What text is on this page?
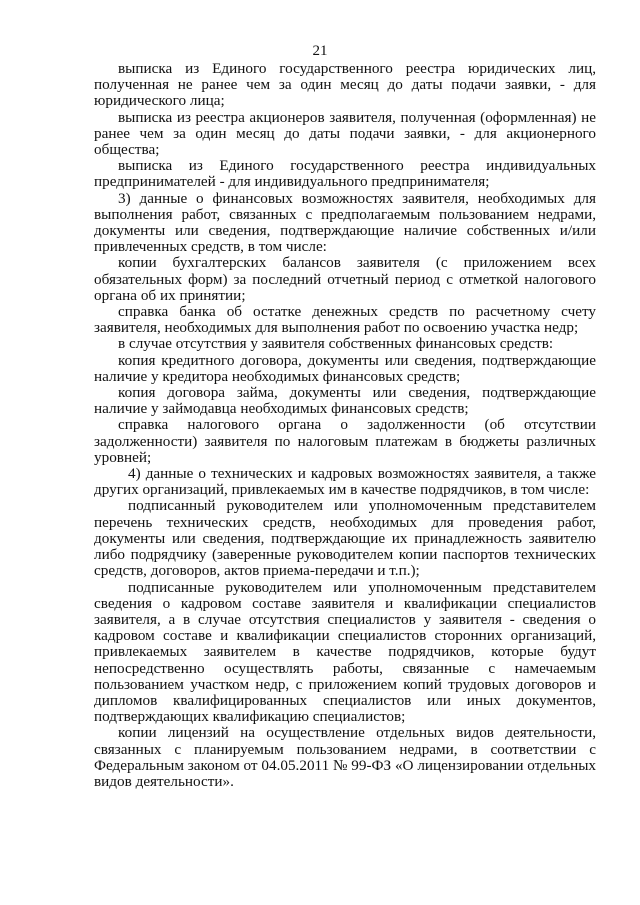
21

выписка из Единого государственного реестра юридических лиц, полученная не ранее чем за один месяц до даты подачи заявки, - для юридического лица;

выписка из реестра акционеров заявителя, полученная (оформленная) не ранее чем за один месяц до даты подачи заявки, - для акционерного общества;

выписка из Единого государственного реестра индивидуальных предпринимателей - для индивидуального предпринимателя;

3) данные о финансовых возможностях заявителя, необходимых для выполнения работ, связанных с предполагаемым пользованием недрами, документы или сведения, подтверждающие наличие собственных и/или привлеченных средств, в том числе:

копии бухгалтерских балансов заявителя (с приложением всех обязательных форм) за последний отчетный период с отметкой налогового органа об их принятии;

справка банка об остатке денежных средств по расчетному счету заявителя, необходимых для выполнения работ по освоению участка недр;

в случае отсутствия у заявителя собственных финансовых средств:

копия кредитного договора, документы или сведения, подтверждающие наличие у кредитора необходимых финансовых средств;

копия договора займа, документы или сведения, подтверждающие наличие у займодавца необходимых финансовых средств;

справка налогового органа о задолженности (об отсутствии задолженности) заявителя по налоговым платежам в бюджеты различных уровней;

4) данные о технических и кадровых возможностях заявителя, а также других организаций, привлекаемых им в качестве подрядчиков, в том числе:

подписанный руководителем или уполномоченным представителем перечень технических средств, необходимых для проведения работ, документы или сведения, подтверждающие их принадлежность заявителю либо подрядчику (заверенные руководителем копии паспортов технических средств, договоров, актов приема-передачи и т.п.);

подписанные руководителем или уполномоченным представителем сведения о кадровом составе заявителя и квалификации специалистов заявителя, а в случае отсутствия специалистов у заявителя - сведения о кадровом составе и квалификации специалистов сторонних организаций, привлекаемых заявителем в качестве подрядчиков, которые будут непосредственно осуществлять работы, связанные с намечаемым пользованием участком недр, с приложением копий трудовых договоров и дипломов квалифицированных специалистов или иных документов, подтверждающих квалификацию специалистов;

копии лицензий на осуществление отдельных видов деятельности, связанных с планируемым пользованием недрами, в соответствии с Федеральным законом от 04.05.2011 № 99-ФЗ «О лицензировании отдельных видов деятельности».
